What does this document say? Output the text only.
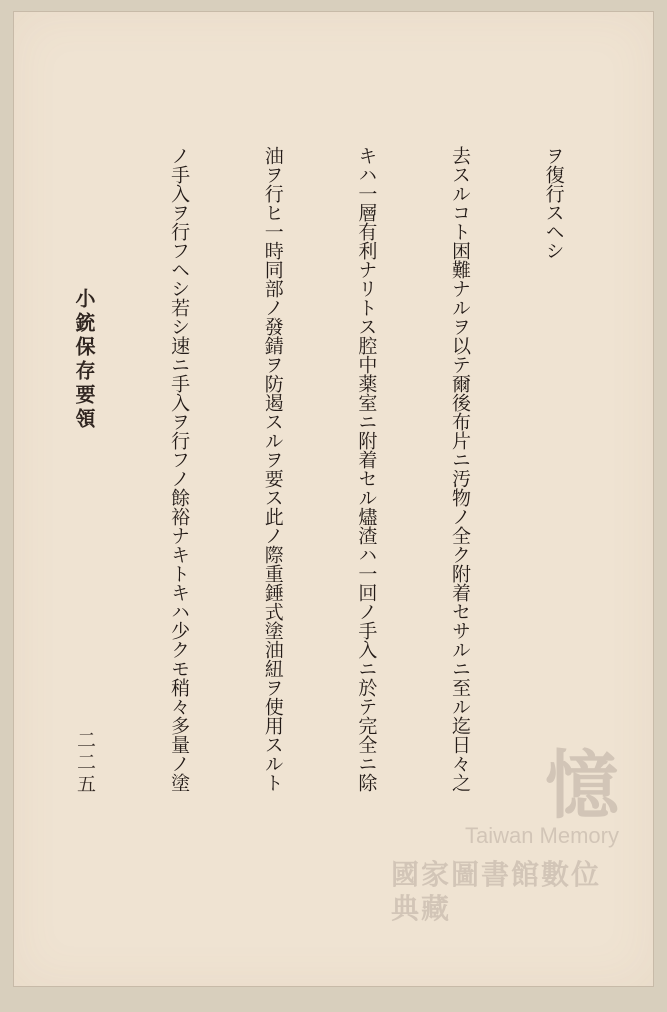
小銃保存要領
二二五

ヲ復行スヘシ

去スルコト困難ナルヲ以テ爾後布片ニ汚物ノ全ク附着セサルニ至ル迄日々之

キハ一層有利ナリトス腔中薬室ニ附着セル燼渣ハ一回ノ手入ニ於テ完全ニ除

油ヲ行ヒ一時同部ノ發錆ヲ防遏スルヲ要ス此ノ際重錘式塗油紐ヲ使用スルト

ノ手入ヲ行フヘシ若シ速ニ手入ヲ行フノ餘裕ナキトキハ少クモ稍々多量ノ塗

	憶
Taiwan Memory
國家圖書館數位典藏
